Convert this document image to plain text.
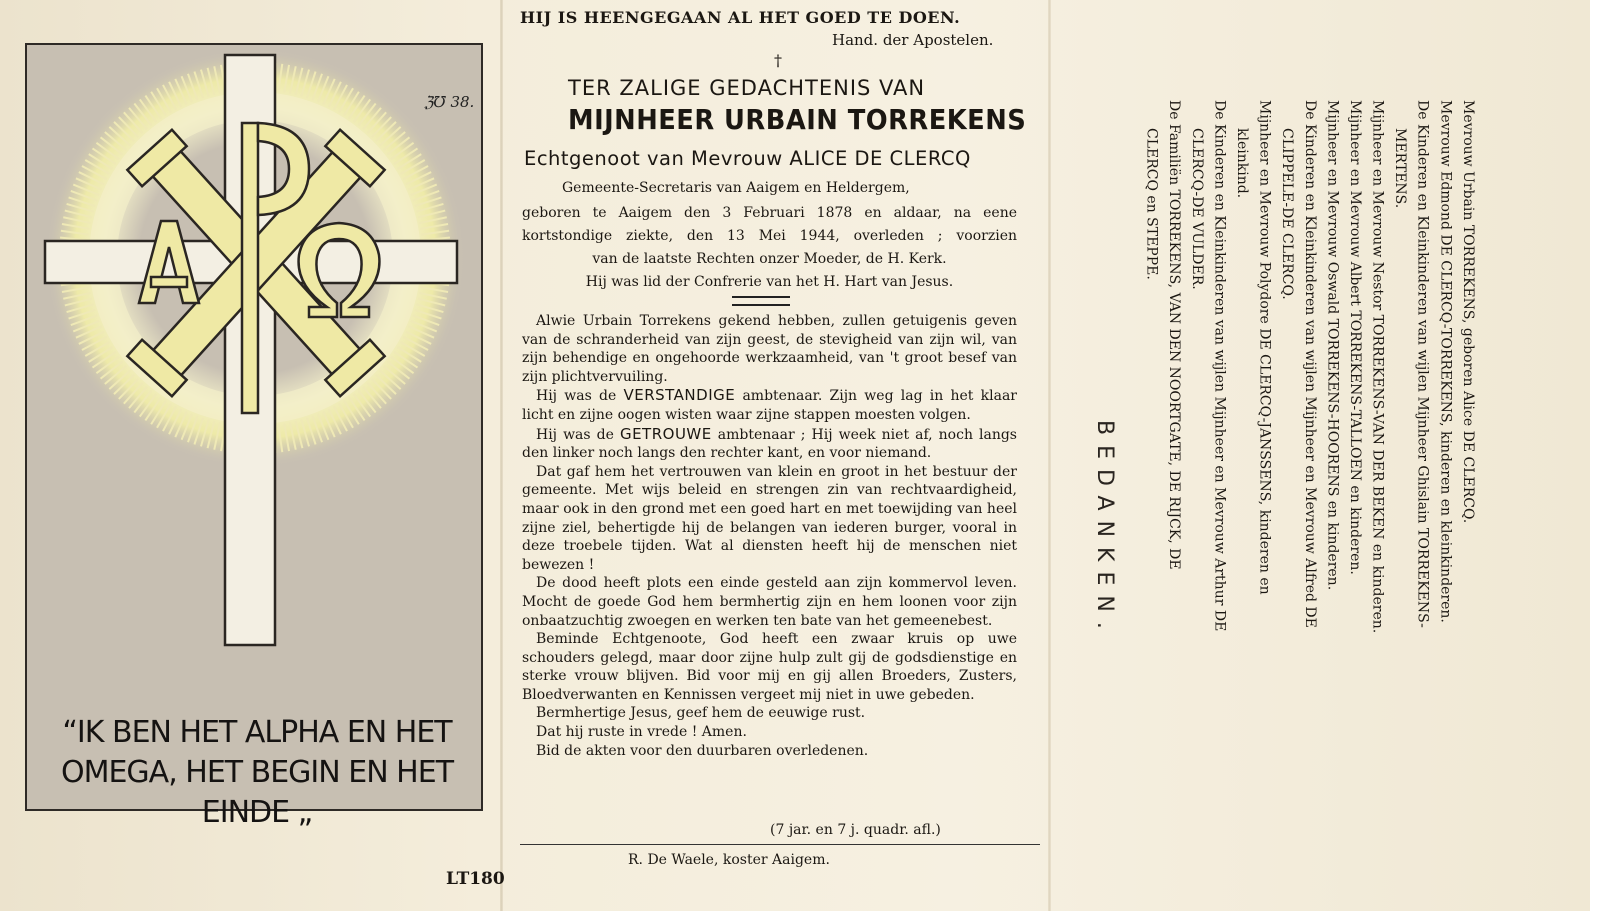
ℨ℧ 38.
“IK BEN HET ALPHA EN HET
OMEGA, HET BEGIN EN HET
EINDE „
LT180
HIJ IS HEENGEGAAN AL HET GOED TE DOEN.
Hand. der Apostelen.
†
TER ZALIGE GEDACHTENIS VAN
MIJNHEER URBAIN TORREKENS
Echtgenoot van Mevrouw ALICE DE CLERCQ
Gemeente-Secretaris van Aaigem en Heldergem,
geboren te Aaigem den 3 Februari 1878 en aldaar, na eene
kortstondige ziekte, den 13 Mei 1944, overleden ; voorzien
van de laatste Rechten onzer Moeder, de H. Kerk.
Hij was lid der Confrerie van het H. Hart van Jesus.

Alwie Urbain Torrekens gekend hebben, zullen getuigenis geven van de schranderheid van zijn geest, de stevigheid van zijn wil, van zijn behendige en ongehoorde werkzaamheid, van 't groot besef van zijn plichtvervuiling.

Hij was de VERSTANDIGE ambtenaar. Zijn weg lag in het klaar licht en zijne oogen wisten waar zijne stappen moesten volgen.

Hij was de GETROUWE ambtenaar ; Hij week niet af, noch langs den linker noch langs den rechter kant, en voor niemand.

Dat gaf hem het vertrouwen van klein en groot in het bestuur der gemeente. Met wijs beleid en strengen zin van rechtvaardigheid, maar ook in den grond met een goed hart en met toewijding van heel zijne ziel, behertigde hij de belangen van iederen burger, vooral in deze troebele tijden. Wat al diensten heeft hij de menschen niet bewezen !

De dood heeft plots een einde gesteld aan zijn kommervol leven. Mocht de goede God hem bermhertig zijn en hem loonen voor zijn onbaatzuchtig zwoegen en werken ten bate van het gemeenebest.

Beminde Echtgenoote, God heeft een zwaar kruis op uwe schouders gelegd, maar door zijne hulp zult gij de godsdienstige en sterke vrouw blijven. Bid voor mij en gij allen Broeders, Zusters, Bloedverwanten en Kennissen vergeet mij niet in uwe gebeden.

Bermhertige Jesus, geef hem de eeuwige rust.

Dat hij ruste in vrede ! Amen.

Bid de akten voor den duurbaren overledenen.

(7 jar. en 7 j. quadr. afl.)
R. De Waele, koster Aaigem.
BEDANKEN.
Mevrouw Urbain TORREKENS, geboren Alice DE CLERCQ.
Mevrouw Edmond DE CLERCQ-TORREKENS, kinderen en kleinkinderen.
De Kinderen en Kleinkinderen van wijlen Mijnheer Ghislain TORREKENS-
MERTENS.
Mijnheer en Mevrouw Nestor TORREKENS-VAN DER BEKEN en kinderen.
Mijnheer en Mevrouw Albert TORREKENS-TALLOEN en kinderen.
Mijnheer en Mevrouw Oswald TORREKENS-HOORENS en kinderen.
De Kinderen en Kleinkinderen van wijlen Mijnheer en Mevrouw Alfred DE
CLIPPELE-DE CLERCQ.
Mijnheer en Mevrouw Polydore DE CLERCQ-JANSSENS, kinderen en
kleinkind.
De Kinderen en Kleinkinderen van wijlen Mijnheer en Mevrouw Arthur DE
CLERCQ-DE VULDER.
De Familiën TORREKENS, VAN DEN NOORTGATE, DE RIJCK, DE
CLERCQ en STEPPE.
